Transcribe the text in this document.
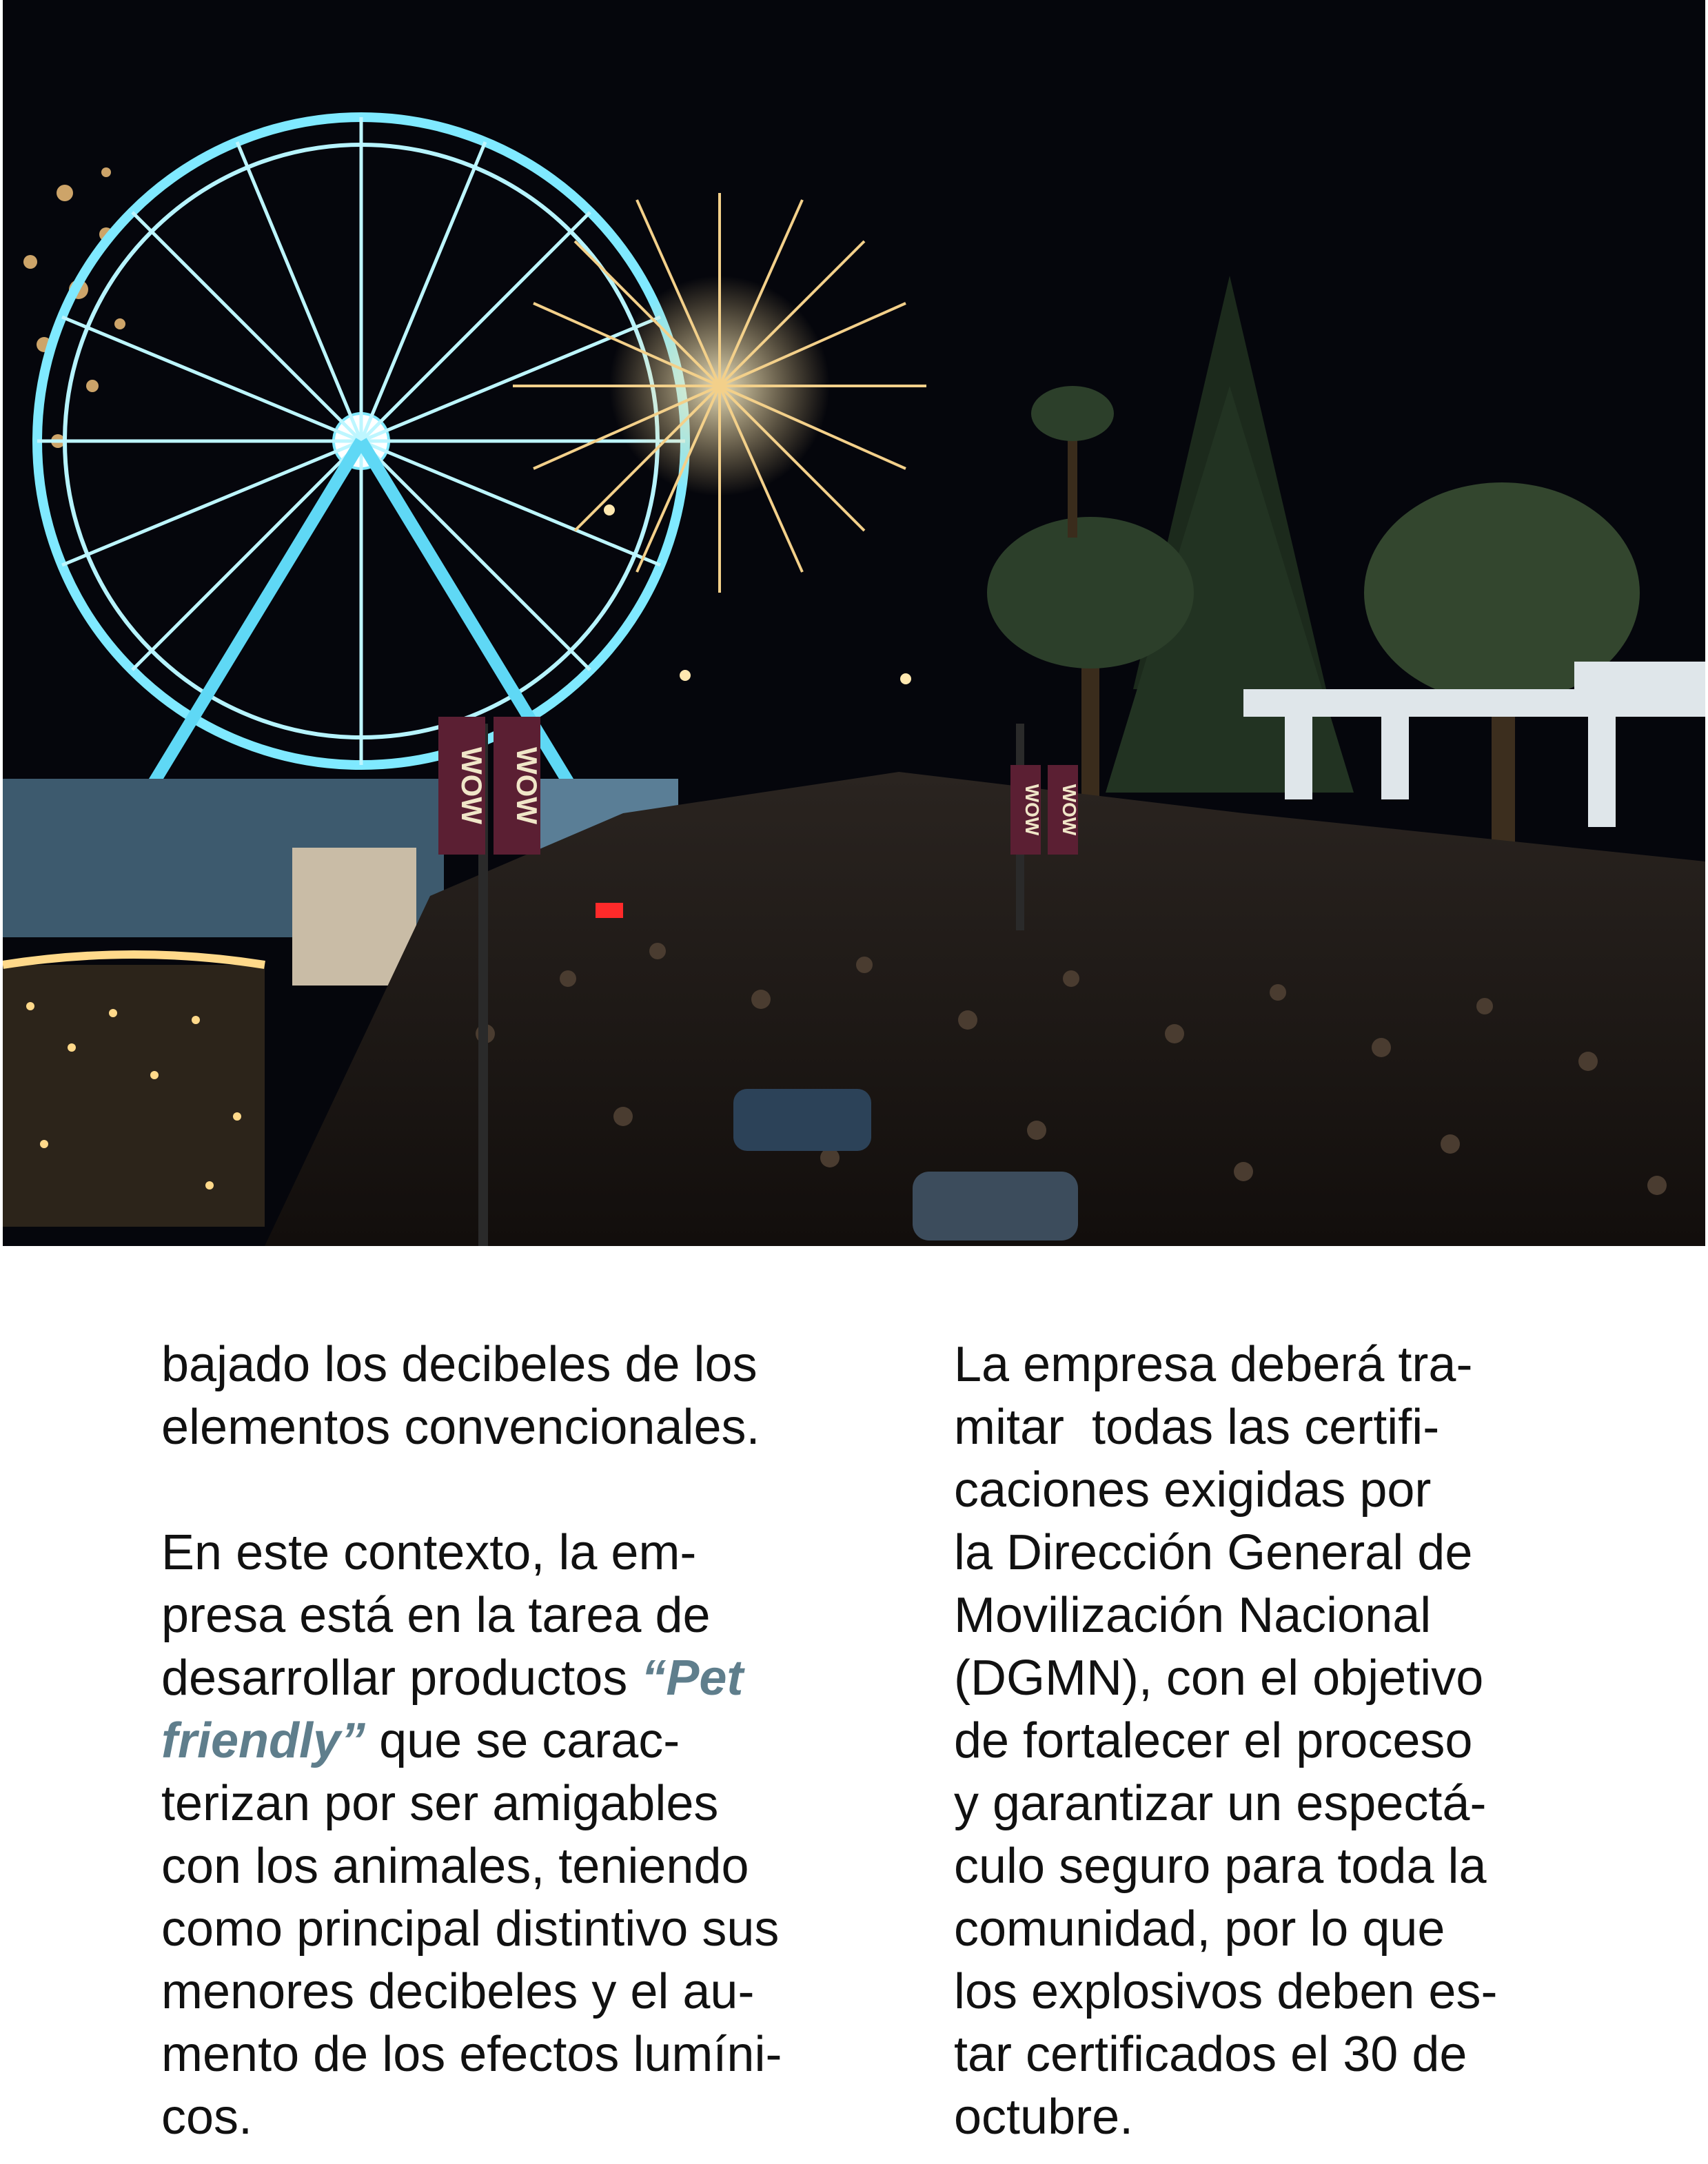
WOW WOW	WOW WOW
bajado los decibeles de los
elementos convencionales.
En este contexto, la em-
presa está en la tarea de
desarrollar productos “Pet
friendly” que se carac-
terizan por ser amigables
con los animales, teniendo
como principal distintivo sus
menores decibeles y el au-
mento de los efectos lumíni-
cos.
La empresa deberá tra-
mitar  todas las certifi-
caciones exigidas por
la Dirección General de
Movilización Nacional
(DGMN), con el objetivo
de fortalecer el proceso
y garantizar un espectá-
culo seguro para toda la
comunidad, por lo que
los explosivos deben es-
tar certificados el 30 de
octubre.
